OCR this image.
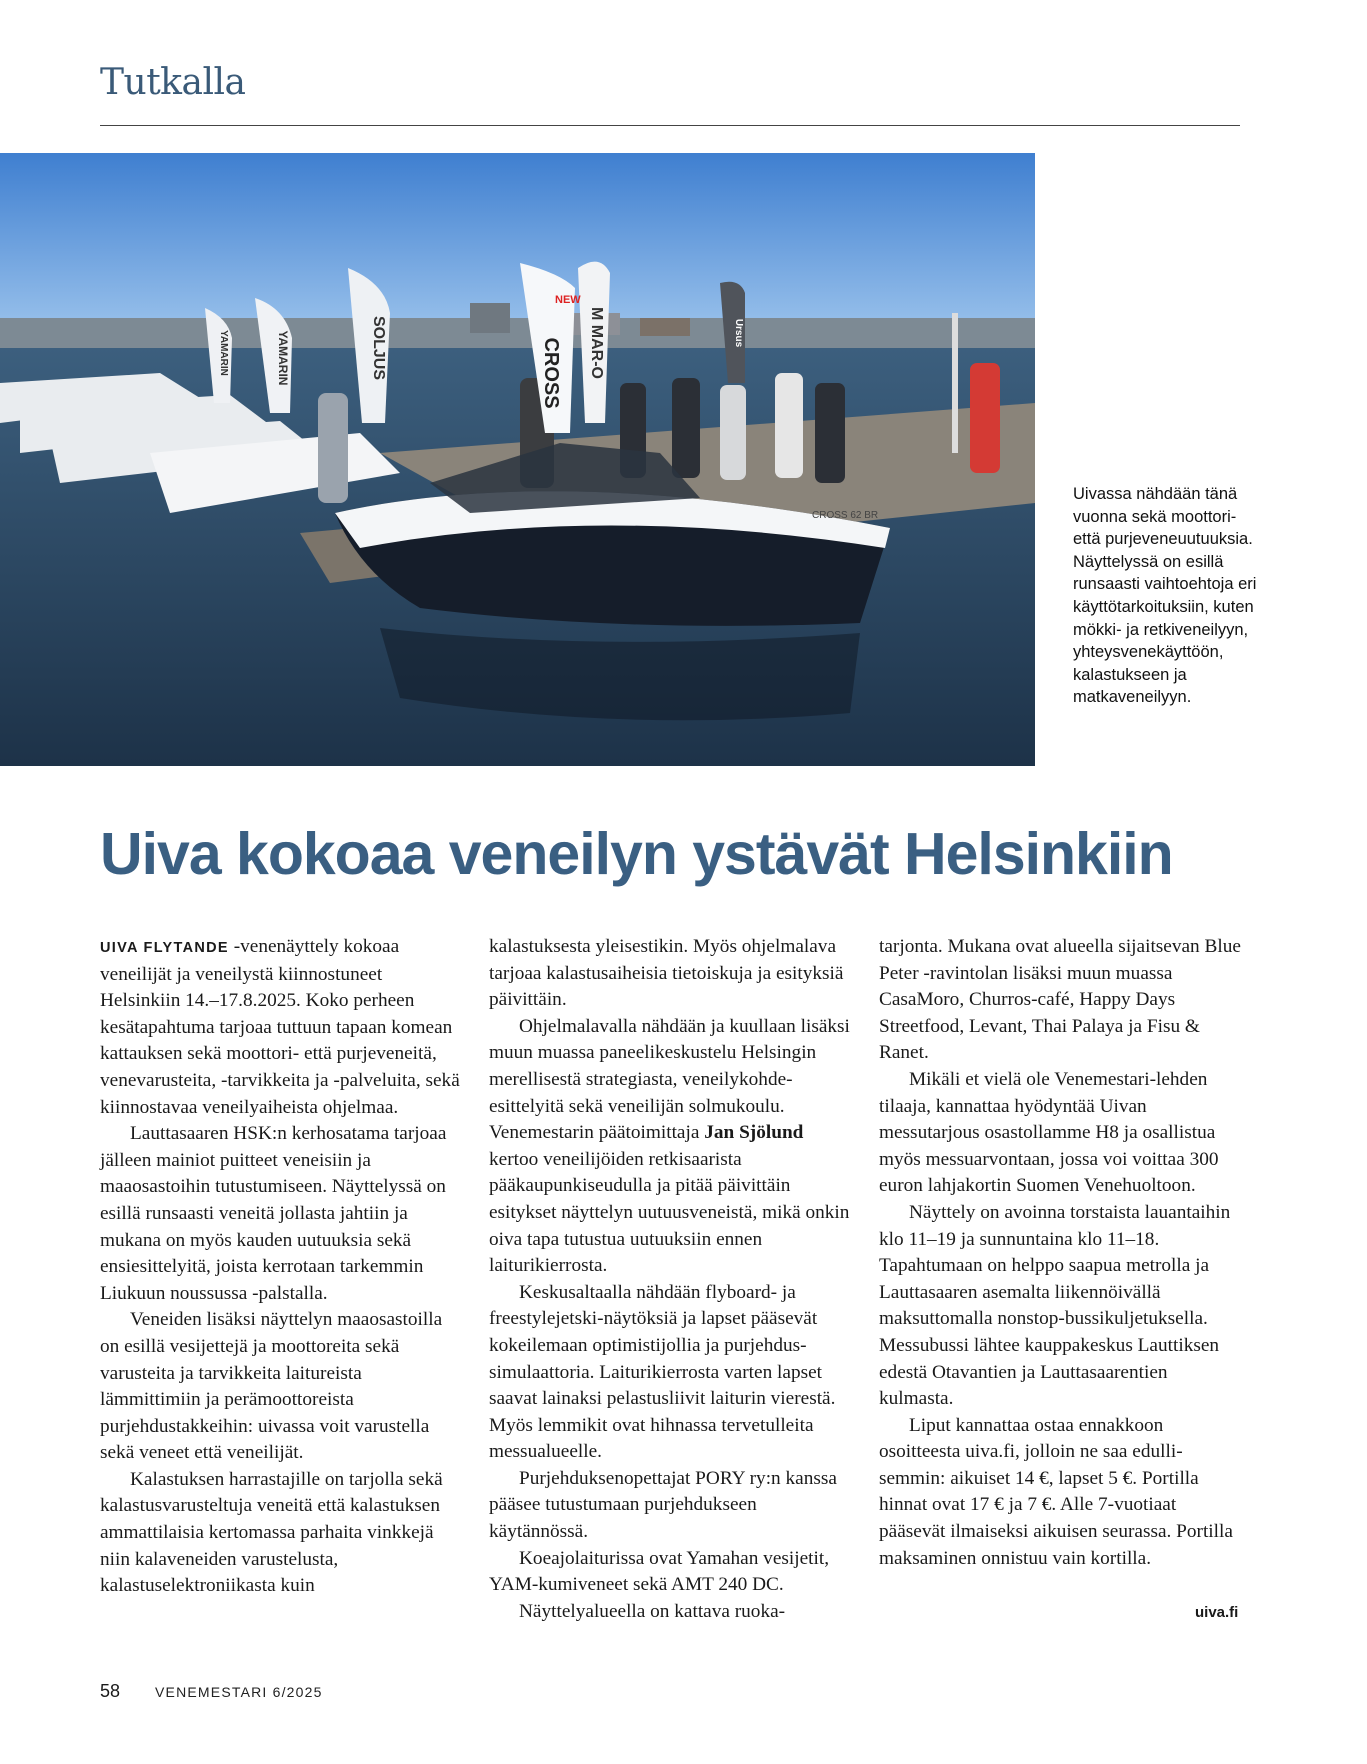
Tutkalla
CROSS M MAR-O
NEW
SOLJUS
YAMARIN
YAMARIN	Ursus
CROSS 62 BR
Uivassa nähdään tänä vuonna sekä moottori- että purjeveneuutuuksia. Näyttelyssä on esillä runsaasti vaihtoehtoja eri käyttötarkoituksiin, kuten mökki- ja retkiveneilyyn, yhteysvenekäyttöön, kalastukseen ja matkaveneilyyn.
Uiva kokoaa veneilyn ystävät Helsinkiin

UIVA FLYTANDE -venenäyttely kokoaa veneilijät ja veneilystä kiinnostuneet Helsinkiin 14.–17.8.2025. Koko perheen kesätapahtuma tarjoaa tuttuun tapaan komean kattauksen sekä moottori- että purjeveneitä, venevarusteita, -tarvikkeita ja -palveluita, sekä kiinnostavaa veneilyaiheista ohjelmaa.

Lauttasaaren HSK:n kerhosatama tarjoaa jälleen mainiot puitteet veneisiin ja maaosastoihin tutustumiseen. Näyttelyssä on esillä runsaasti veneitä jollasta jahtiin ja mukana on myös kauden uutuuksia sekä ensiesittelyitä, joista kerrotaan tarkemmin Liukuun noussussa -palstalla.

Veneiden lisäksi näyttelyn maaosastoilla on esillä vesijettejä ja moottoreita sekä varusteita ja tarvikkeita laitureista lämmittimiin ja perämoottoreista purjehdustakkeihin: uivassa voit varustella sekä veneet että veneilijät.

Kalastuksen harrastajille on tarjolla sekä kalastusvarusteltuja veneitä että kalastuksen ammattilaisia kertomassa parhaita vinkkejä niin kalaveneiden varustelusta, kalastuselektroniikasta kuin

kalastuksesta yleisestikin. Myös ohjelmalava tarjoaa kalastusaiheisia tietoiskuja ja esityksiä päivittäin.

Ohjelmalavalla nähdään ja kuullaan lisäksi muun muassa paneelikeskustelu Helsingin merellisestä strategiasta, veneilykohde-esittelyitä sekä veneilijän solmukoulu. Venemestarin päätoimittaja Jan Sjölund kertoo veneilijöiden retkisaarista pääkaupunkiseudulla ja pitää päivittäin esitykset näyttelyn uutuusveneistä, mikä onkin oiva tapa tutustua uutuuksiin ennen laiturikierrosta.

Keskusaltaalla nähdään flyboard- ja freestylejetski-näytöksiä ja lapset pääsevät kokeilemaan optimistijollia ja purjehdussimulaattoria. Laiturikierrosta varten lapset saavat lainaksi pelastusliivit laiturin vierestä. Myös lemmikit ovat hihnassa tervetulleita messualueelle.

Purjehduksenopettajat PORY ry:n kanssa pääsee tutustumaan purjehdukseen käytännössä.

Koeajolaiturissa ovat Yamahan vesijetit, YAM-kumiveneet sekä AMT 240 DC.

Näyttelyalueella on kattava ruoka-

tarjonta. Mukana ovat alueella sijaitsevan Blue Peter -ravintolan lisäksi muun muassa CasaMoro, Churros-café, Happy Days Streetfood, Levant, Thai Palaya ja Fisu & Ranet.

Mikäli et vielä ole Venemestari-lehden tilaaja, kannattaa hyödyntää Uivan messutarjous osastollamme H8 ja osallistua myös messuarvontaan, jossa voi voittaa 300 euron lahjakortin Suomen Venehuoltoon.

Näyttely on avoinna torstaista lauantaihin klo 11–19 ja sunnuntaina klo 11–18. Tapahtumaan on helppo saapua metrolla ja Lauttasaaren asemalta liikennöivällä maksuttomalla nonstop-bussikuljetuksella. Messubussi lähtee kauppakeskus Lauttiksen edestä Otavantien ja Lauttasaarentien kulmasta.

Liput kannattaa ostaa ennakkoon osoitteesta uiva.fi, jolloin ne saa edullisemmin: aikuiset 14 €, lapset 5 €. Portilla hinnat ovat 17 € ja 7 €. Alle 7-vuotiaat pääsevät ilmaiseksi aikuisen seurassa. Portilla maksaminen onnistuu vain kortilla.

uiva.fi
58 VENEMESTARI 6/2025
